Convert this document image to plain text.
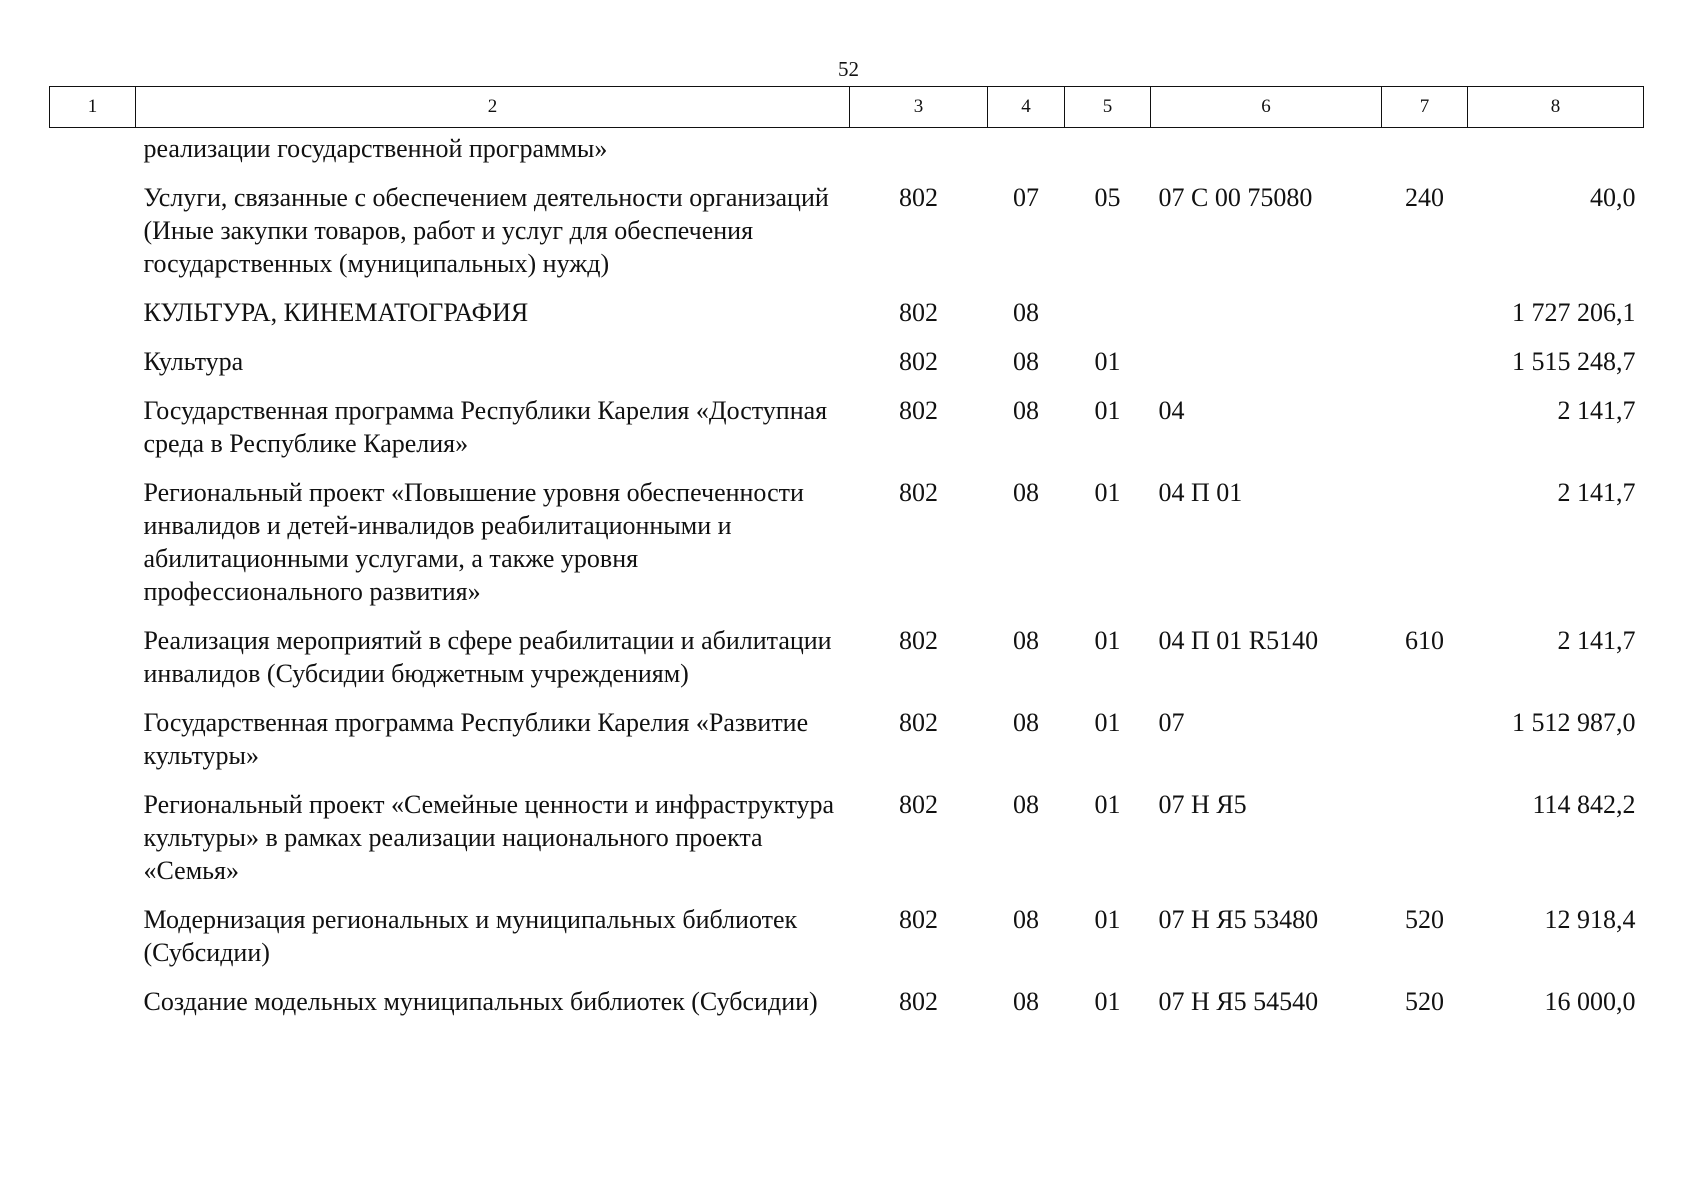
52
1	2	3	4	5	6	7	8
	реализации государственной программы»						
	Услуги, связанные с обеспечением деятельности организаций (Иные закупки товаров, работ и услуг для обеспечения государственных (муниципальных) нужд)	802	07	05	07 С 00 75080	240	40,0
	КУЛЬТУРА, КИНЕМАТОГРАФИЯ	802	08				1 727 206,1
	Культура	802	08	01			1 515 248,7
	Государственная программа Республики Карелия «Доступная среда в Республике Карелия»	802	08	01	04		2 141,7
	Региональный проект «Повышение уровня обеспеченности инвалидов и детей-инвалидов реабилитационными и абилитационными услугами, а также уровня профессионального развития»	802	08	01	04 П 01		2 141,7
	Реализация мероприятий в сфере реабилитации и абилитации инвалидов (Субсидии бюджетным учреждениям)	802	08	01	04 П 01 R5140	610	2 141,7
	Государственная программа Республики Карелия «Развитие культуры»	802	08	01	07		1 512 987,0
	Региональный проект «Семейные ценности и инфраструктура культуры» в рамках реализации национального проекта «Семья»	802	08	01	07 Н Я5		114 842,2
	Модернизация региональных и муниципальных библиотек (Субсидии)	802	08	01	07 Н Я5 53480	520	12 918,4
	Создание модельных муниципальных библиотек (Субсидии)	802	08	01	07 Н Я5 54540	520	16 000,0
